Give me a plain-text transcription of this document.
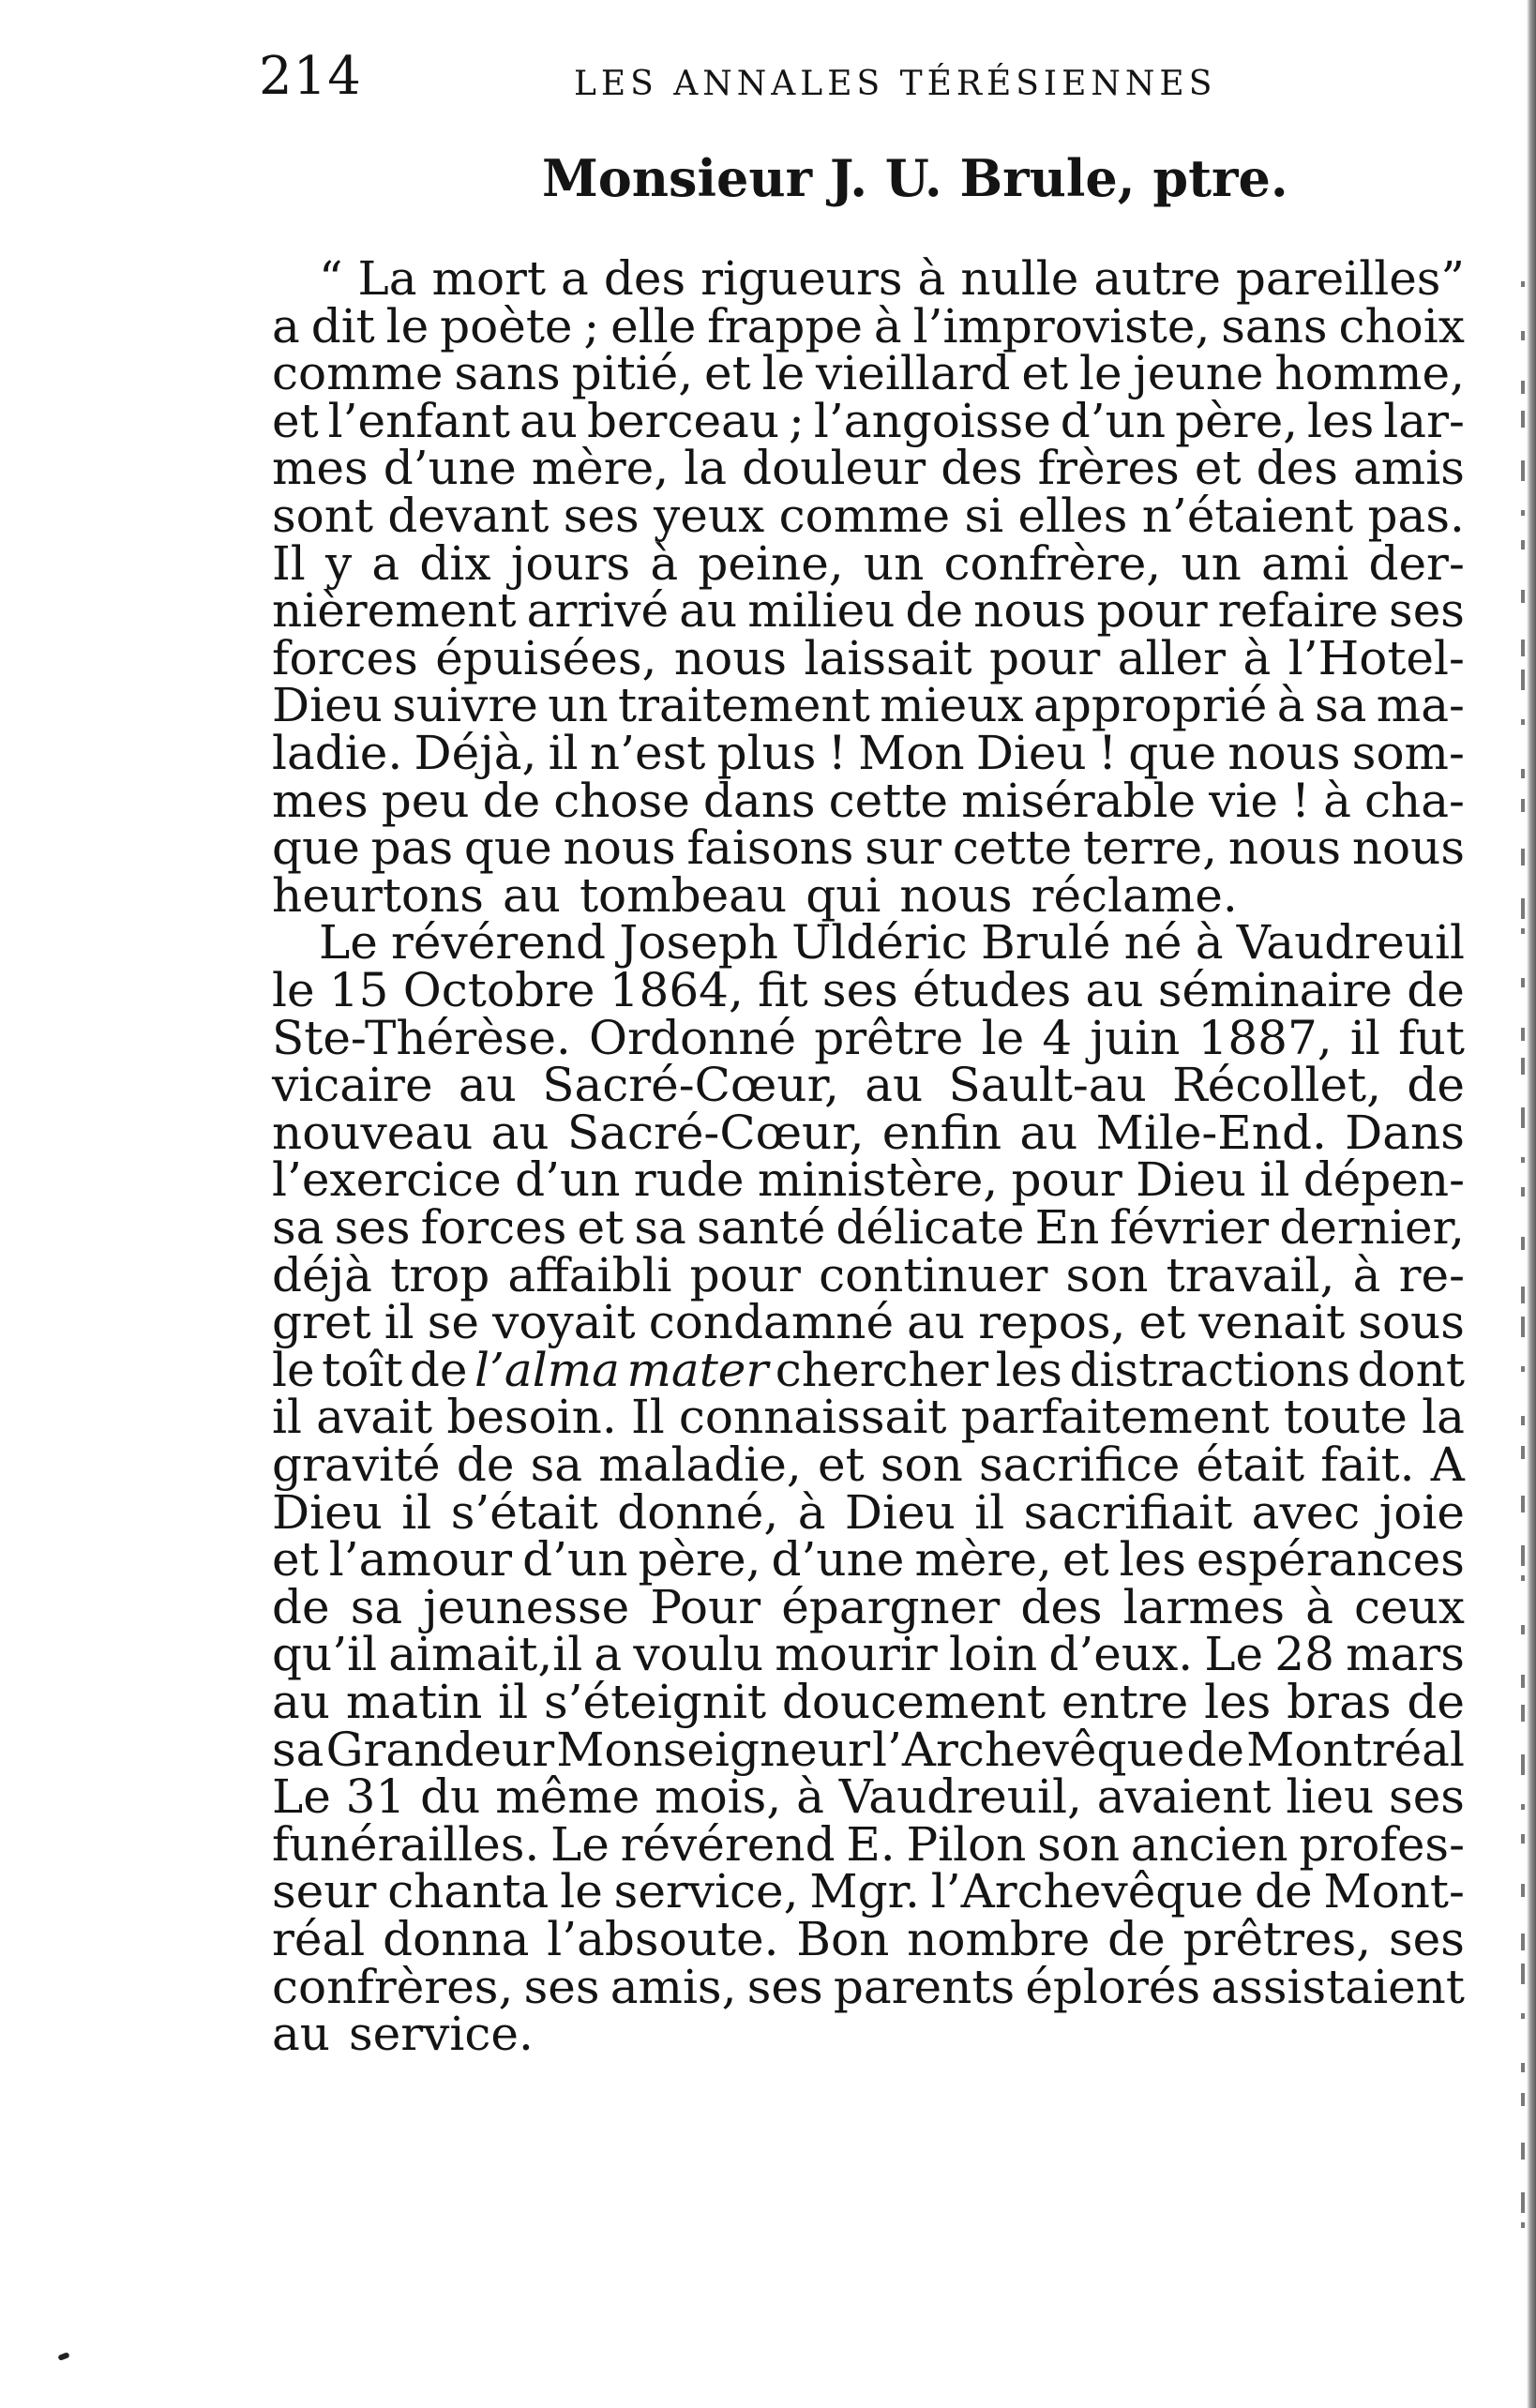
214	LES ANNALES TÉRÉSIENNES
Monsieur J. U. Brule, ptre.
“ La mort a des rigueurs à nulle autre pareilles”
a dit le poète ; elle frappe à l’improviste, sans choix
comme sans pitié, et le vieillard et le jeune homme,
et l’enfant au berceau ; l’angoisse d’un père, les lar-
mes d’une mère, la douleur des frères et des amis
sont devant ses yeux comme si elles n’étaient pas.
Il y a dix jours à peine, un confrère, un ami der-
nièrement arrivé au milieu de nous pour refaire ses
forces épuisées, nous laissait pour aller à l’Hotel-
Dieu suivre un traitement mieux approprié à sa ma-
ladie. Déjà, il n’est plus ! Mon Dieu ! que nous som-
mes peu de chose dans cette misérable vie ! à cha-
que pas que nous faisons sur cette terre, nous nous
heurtons au tombeau qui nous réclame.
Le révérend Joseph Uldéric Brulé né à Vaudreuil
le 15 Octobre 1864, fit ses études au séminaire de
Ste-Thérèse. Ordonné prêtre le 4 juin 1887, il fut
vicaire au Sacré-Cœur, au Sault-au Récollet, de
nouveau au Sacré-Cœur, enfin au Mile-End. Dans
l’exercice d’un rude ministère, pour Dieu il dépen-
sa ses forces et sa santé délicate En février dernier,
déjà trop affaibli pour continuer son travail, à re-
gret il se voyait condamné au repos, et venait sous
le toît de l’alma mater chercher les distractions dont
il avait besoin. Il connaissait parfaitement toute la
gravité de sa maladie, et son sacrifice était fait. A
Dieu il s’était donné, à Dieu il sacrifiait avec joie
et l’amour d’un père, d’une mère, et les espérances
de sa jeunesse Pour épargner des larmes à ceux
qu’il aimait,il a voulu mourir loin d’eux. Le 28 mars
au matin il s’éteignit doucement entre les bras de
sa Grandeur Monseigneur l’Archevêque de Montréal
Le 31 du même mois, à Vaudreuil, avaient lieu ses
funérailles. Le révérend E. Pilon son ancien profes-
seur chanta le service, Mgr. l’Archevêque de Mont-
réal donna l’absoute. Bon nombre de prêtres, ses
confrères, ses amis, ses parents éplorés assistaient
au service.
